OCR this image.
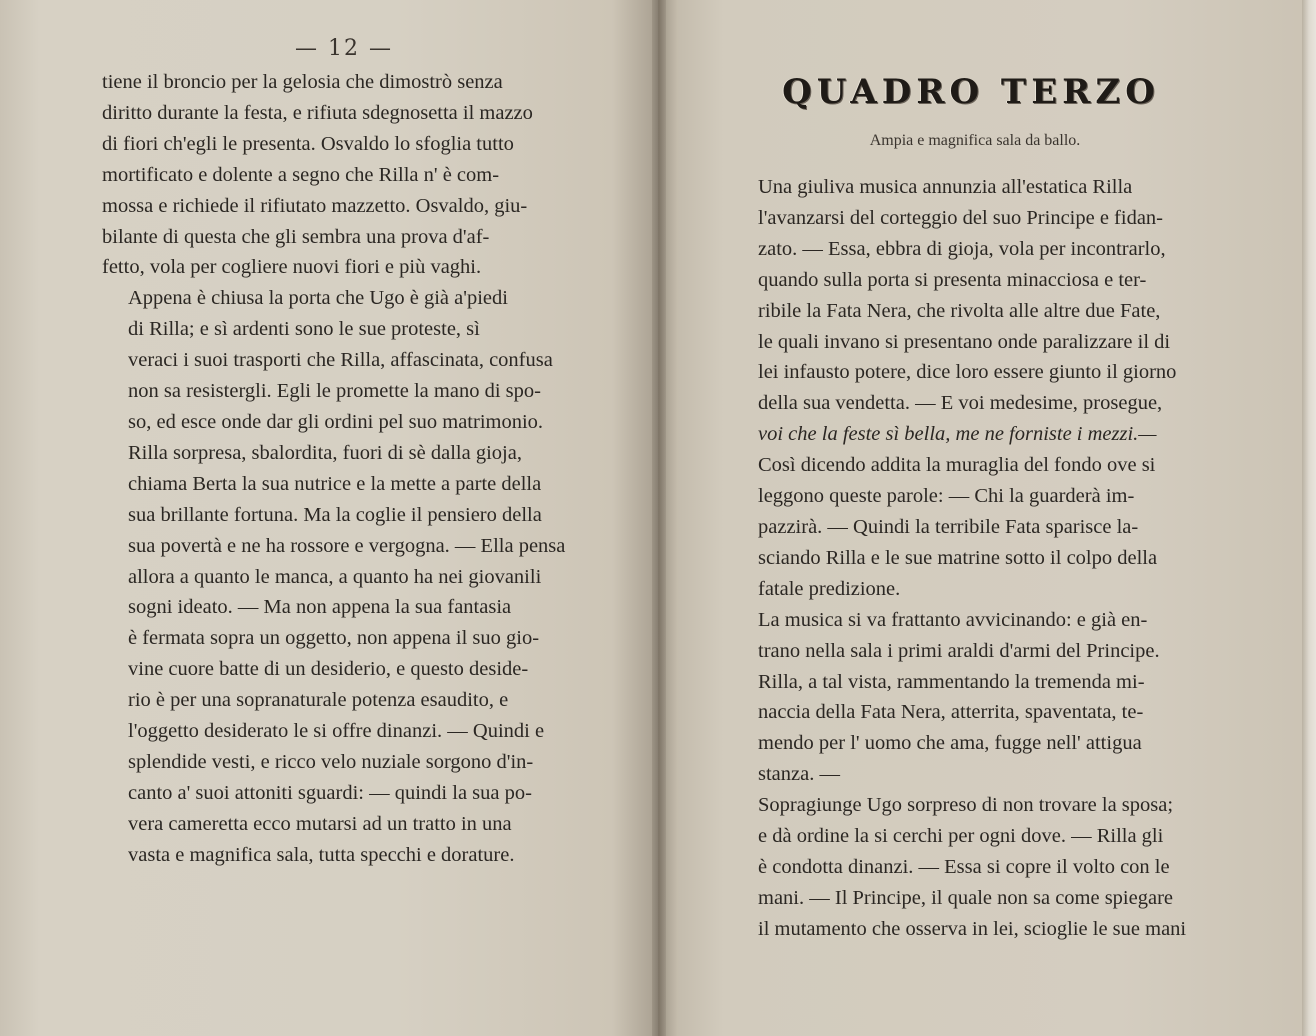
— 12 —

tiene il broncio per la gelosia che dimostrò senza
diritto durante la festa, e rifiuta sdegnosetta il mazzo
di fiori ch'egli le presenta. Osvaldo lo sfoglia tutto
mortificato e dolente a segno che Rilla n' è com-
mossa e richiede il rifiutato mazzetto. Osvaldo, giu-
bilante di questa che gli sembra una prova d'af-
fetto, vola per cogliere nuovi fiori e più vaghi.

Appena è chiusa la porta che Ugo è già a'piedi
di Rilla; e sì ardenti sono le sue proteste, sì
veraci i suoi trasporti che Rilla, affascinata, confusa
non sa resistergli. Egli le promette la mano di spo-
so, ed esce onde dar gli ordini pel suo matrimonio.

Rilla sorpresa, sbalordita, fuori di sè dalla gioja,
chiama Berta la sua nutrice e la mette a parte della
sua brillante fortuna. Ma la coglie il pensiero della
sua povertà e ne ha rossore e vergogna. — Ella pensa
allora a quanto le manca, a quanto ha nei giovanili
sogni ideato. — Ma non appena la sua fantasia
è fermata sopra un oggetto, non appena il suo gio-
vine cuore batte di un desiderio, e questo deside-
rio è per una sopranaturale potenza esaudito, e
l'oggetto desiderato le si offre dinanzi. — Quindi e
splendide vesti, e ricco velo nuziale sorgono d'in-
canto a' suoi attoniti sguardi: — quindi la sua po-
vera cameretta ecco mutarsi ad un tratto in una
vasta e magnifica sala, tutta specchi e dorature.

QUADRO TERZO
Ampia e magnifica sala da ballo.

Una giuliva musica annunzia all'estatica Rilla
l'avanzarsi del corteggio del suo Principe e fidan-
zato. — Essa, ebbra di gioja, vola per incontrarlo,
quando sulla porta si presenta minacciosa e ter-
ribile la Fata Nera, che rivolta alle altre due Fate,
le quali invano si presentano onde paralizzare il di
lei infausto potere, dice loro essere giunto il giorno
della sua vendetta. — E voi medesime, prosegue,
voi che la feste sì bella, me ne forniste i mezzi.—
Così dicendo addita la muraglia del fondo ove si
leggono queste parole: — Chi la guarderà im-
pazzirà. — Quindi la terribile Fata sparisce la-
sciando Rilla e le sue matrine sotto il colpo della
fatale predizione.

La musica si va frattanto avvicinando: e già en-
trano nella sala i primi araldi d'armi del Principe.

Rilla, a tal vista, rammentando la tremenda mi-
naccia della Fata Nera, atterrita, spaventata, te-
mendo per l' uomo che ama, fugge nell' attigua
stanza. —

Sopragiunge Ugo sorpreso di non trovare la sposa;
e dà ordine la si cerchi per ogni dove. — Rilla gli
è condotta dinanzi. — Essa si copre il volto con le
mani. — Il Principe, il quale non sa come spiegare
il mutamento che osserva in lei, scioglie le sue mani
